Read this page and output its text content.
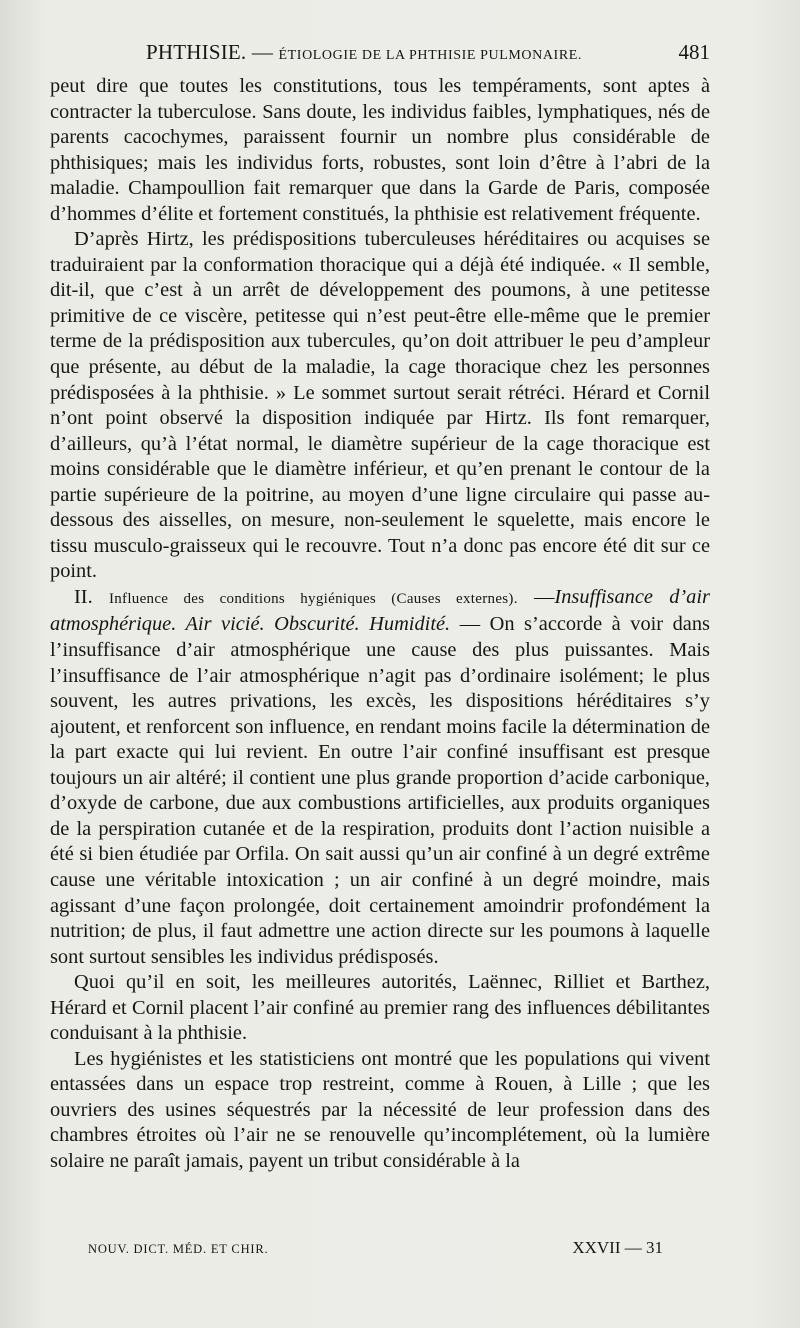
PHTHISIE. — ÉTIOLOGIE DE LA PHTHISIE PULMONAIRE.	481

peut dire que toutes les constitutions, tous les tempéraments, sont aptes à contracter la tuberculose. Sans doute, les individus faibles, lymphatiques, nés de parents cacochymes, paraissent fournir un nombre plus considérable de phthisiques; mais les individus forts, robustes, sont loin d’être à l’abri de la maladie. Champoullion fait remarquer que dans la Garde de Paris, composée d’hommes d’élite et fortement constitués, la phthisie est relativement fréquente.

D’après Hirtz, les prédispositions tuberculeuses héréditaires ou acquises se traduiraient par la conformation thoracique qui a déjà été indiquée. « Il semble, dit-il, que c’est à un arrêt de développement des poumons, à une petitesse primitive de ce viscère, petitesse qui n’est peut-être elle-même que le premier terme de la prédisposition aux tubercules, qu’on doit attribuer le peu d’ampleur que présente, au début de la maladie, la cage thoracique chez les personnes prédisposées à la phthisie. » Le sommet surtout serait rétréci. Hérard et Cornil n’ont point observé la disposition indiquée par Hirtz. Ils font remarquer, d’ailleurs, qu’à l’état normal, le diamètre supérieur de la cage thoracique est moins considérable que le diamètre inférieur, et qu’en prenant le contour de la partie supérieure de la poitrine, au moyen d’une ligne circulaire qui passe au-dessous des aisselles, on mesure, non-seulement le squelette, mais encore le tissu musculo-graisseux qui le recouvre. Tout n’a donc pas encore été dit sur ce point.

II. Influence des conditions hygiéniques (Causes externes). —Insuffisance d’air atmosphérique. Air vicié. Obscurité. Humidité. — On s’accorde à voir dans l’insuffisance d’air atmosphérique une cause des plus puissantes. Mais l’insuffisance de l’air atmosphérique n’agit pas d’ordinaire isolément; le plus souvent, les autres privations, les excès, les dispositions héréditaires s’y ajoutent, et renforcent son influence, en rendant moins facile la détermination de la part exacte qui lui revient. En outre l’air confiné insuffisant est presque toujours un air altéré; il contient une plus grande proportion d’acide carbonique, d’oxyde de carbone, due aux combustions artificielles, aux produits organiques de la perspiration cutanée et de la respiration, produits dont l’action nuisible a été si bien étudiée par Orfila. On sait aussi qu’un air confiné à un degré extrême cause une véritable intoxication ; un air confiné à un degré moindre, mais agissant d’une façon prolongée, doit certainement amoindrir profondément la nutrition; de plus, il faut admettre une action directe sur les poumons à laquelle sont surtout sensibles les individus prédisposés.

Quoi qu’il en soit, les meilleures autorités, Laënnec, Rilliet et Barthez, Hérard et Cornil placent l’air confiné au premier rang des influences débilitantes conduisant à la phthisie.

Les hygiénistes et les statisticiens ont montré que les populations qui vivent entassées dans un espace trop restreint, comme à Rouen, à Lille ; que les ouvriers des usines séquestrés par la nécessité de leur profession dans des chambres étroites où l’air ne se renouvelle qu’incomplétement, où la lumière solaire ne paraît jamais, payent un tribut considérable à la

NOUV. DICT. MÉD. ET CHIR.	XXVII — 31
